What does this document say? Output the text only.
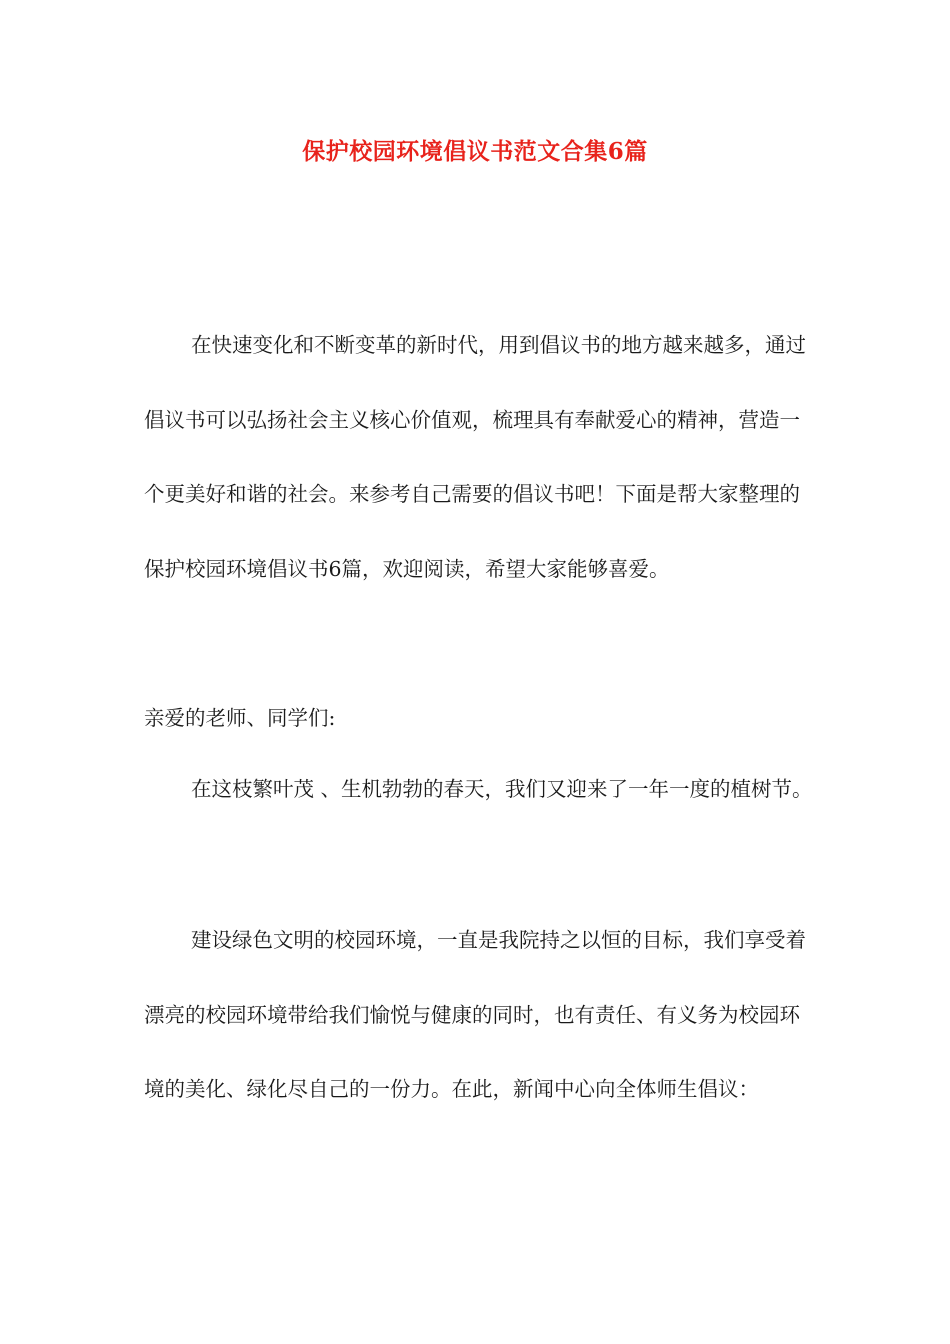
保护校园环境倡议书范文合集6篇

在快速变化和不断变革的新时代，用到倡议书的地方越来越多，通过倡议书可以弘扬社会主义核心价值观，梳理具有奉献爱心的精神，营造一个更美好和谐的社会。来参考自己需要的倡议书吧！下面是帮大家整理的保护校园环境倡议书6篇，欢迎阅读，希望大家能够喜爱。

亲爱的老师、同学们:

在这枝繁叶茂 、生机勃勃的春天，我们又迎来了一年一度的植树节。

建设绿色文明的校园环境，一直是我院持之以恒的目标，我们享受着漂亮的校园环境带给我们愉悦与健康的同时，也有责任、有义务为校园环境的美化、绿化尽自己的一份力。在此，新闻中心向全体师生倡议：
